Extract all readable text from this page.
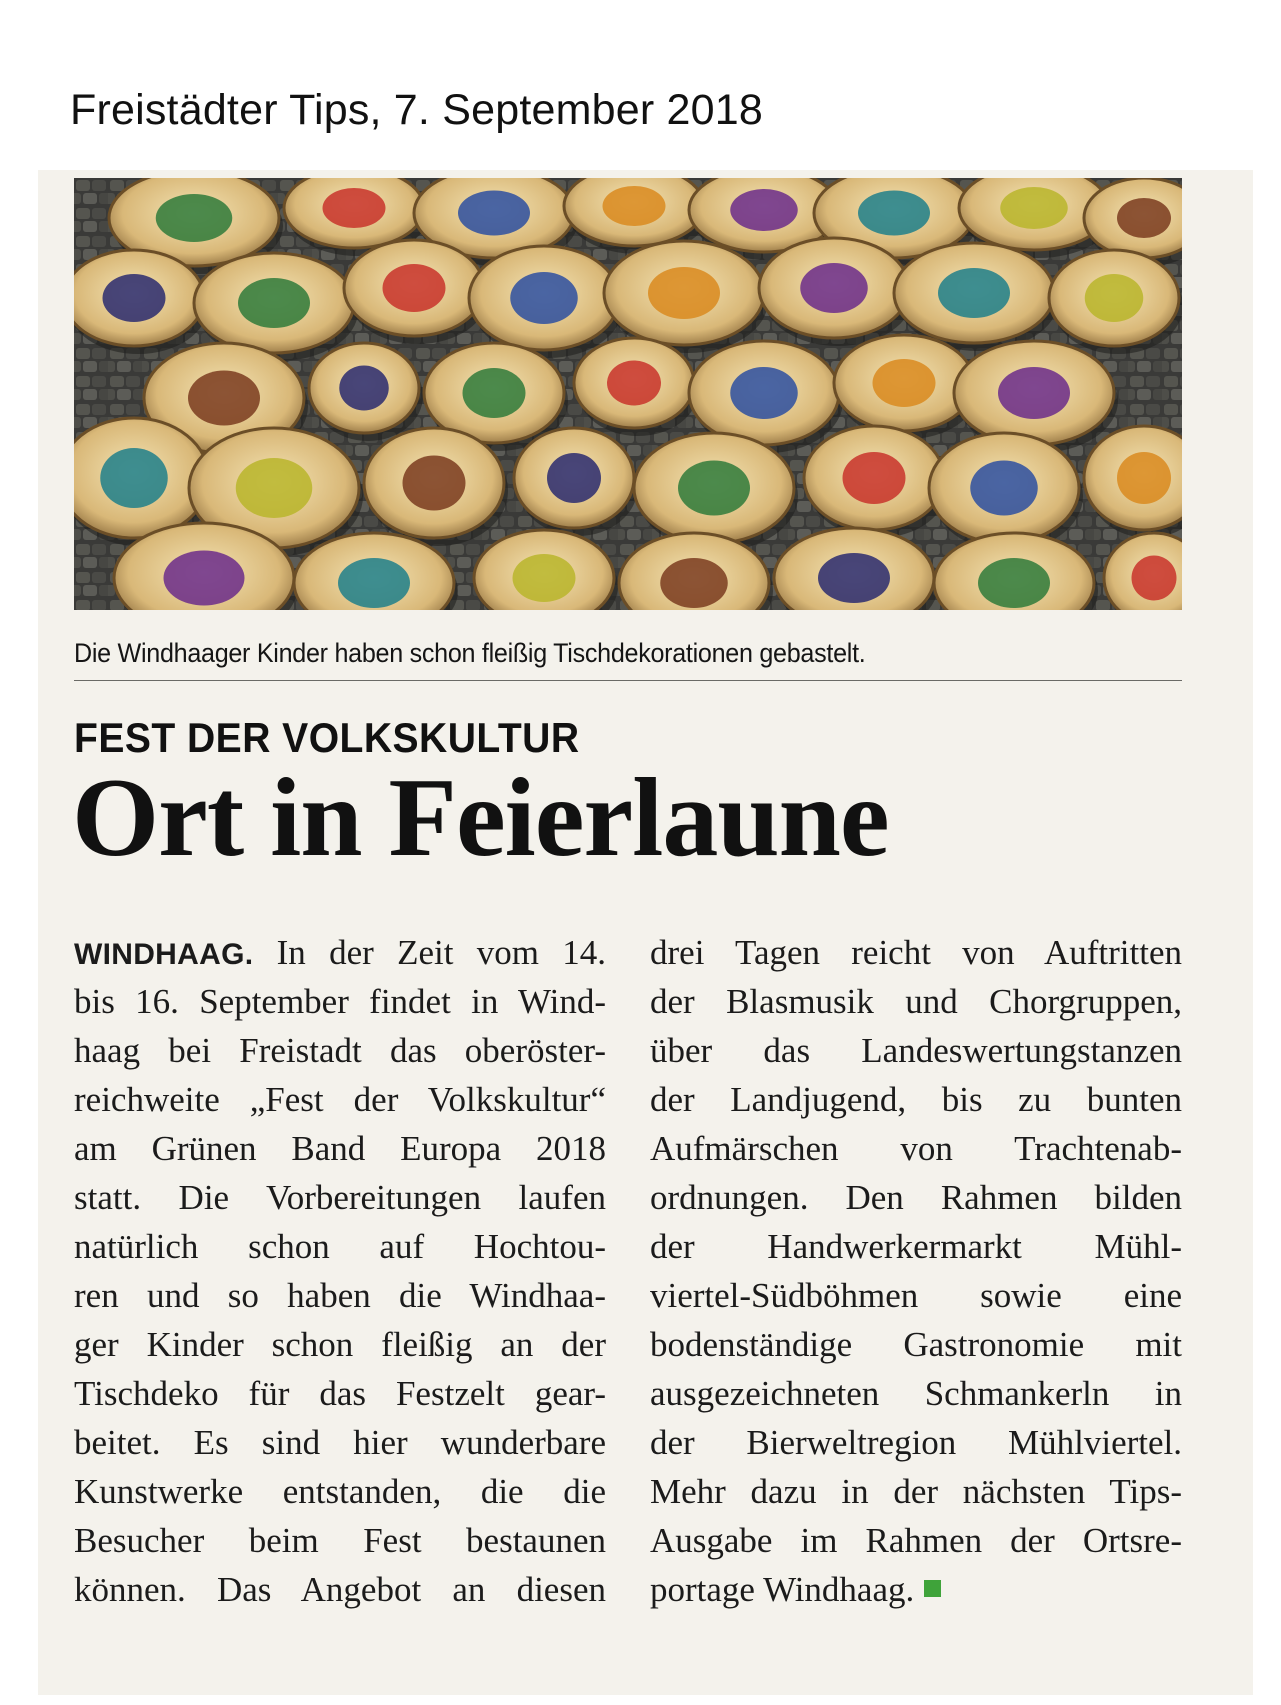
Freistädter Tips, 7. September 2018
Die Windhaager Kinder haben schon fleißig Tischdekorationen gebastelt.
FEST DER VOLKSKULTUR
Ort in Feierlaune
WINDHAAG. In der Zeit vom 14.
bis 16. September findet in Wind-
haag bei Freistadt das oberöster-
reichweite „Fest der Volkskultur“
am Grünen Band Europa 2018
statt. Die Vorbereitungen laufen
natürlich schon auf Hochtou-
ren und so haben die Windhaa-
ger Kinder schon fleißig an der
Tischdeko für das Festzelt gear-
beitet. Es sind hier wunderbare
Kunstwerke entstanden, die die
Besucher beim Fest bestaunen
können. Das Angebot an diesen
drei Tagen reicht von Auftritten
der Blasmusik und Chorgruppen,
über das Landeswertungstanzen
der Landjugend, bis zu bunten
Aufmärschen von Trachtenab-
ordnungen. Den Rahmen bilden
der Handwerkermarkt Mühl-
viertel-Südböhmen sowie eine
bodenständige Gastronomie mit
ausgezeichneten Schmankerln in
der Bierweltregion Mühlviertel.
Mehr dazu in der nächsten Tips-
Ausgabe im Rahmen der Ortsre-
portage Windhaag.
